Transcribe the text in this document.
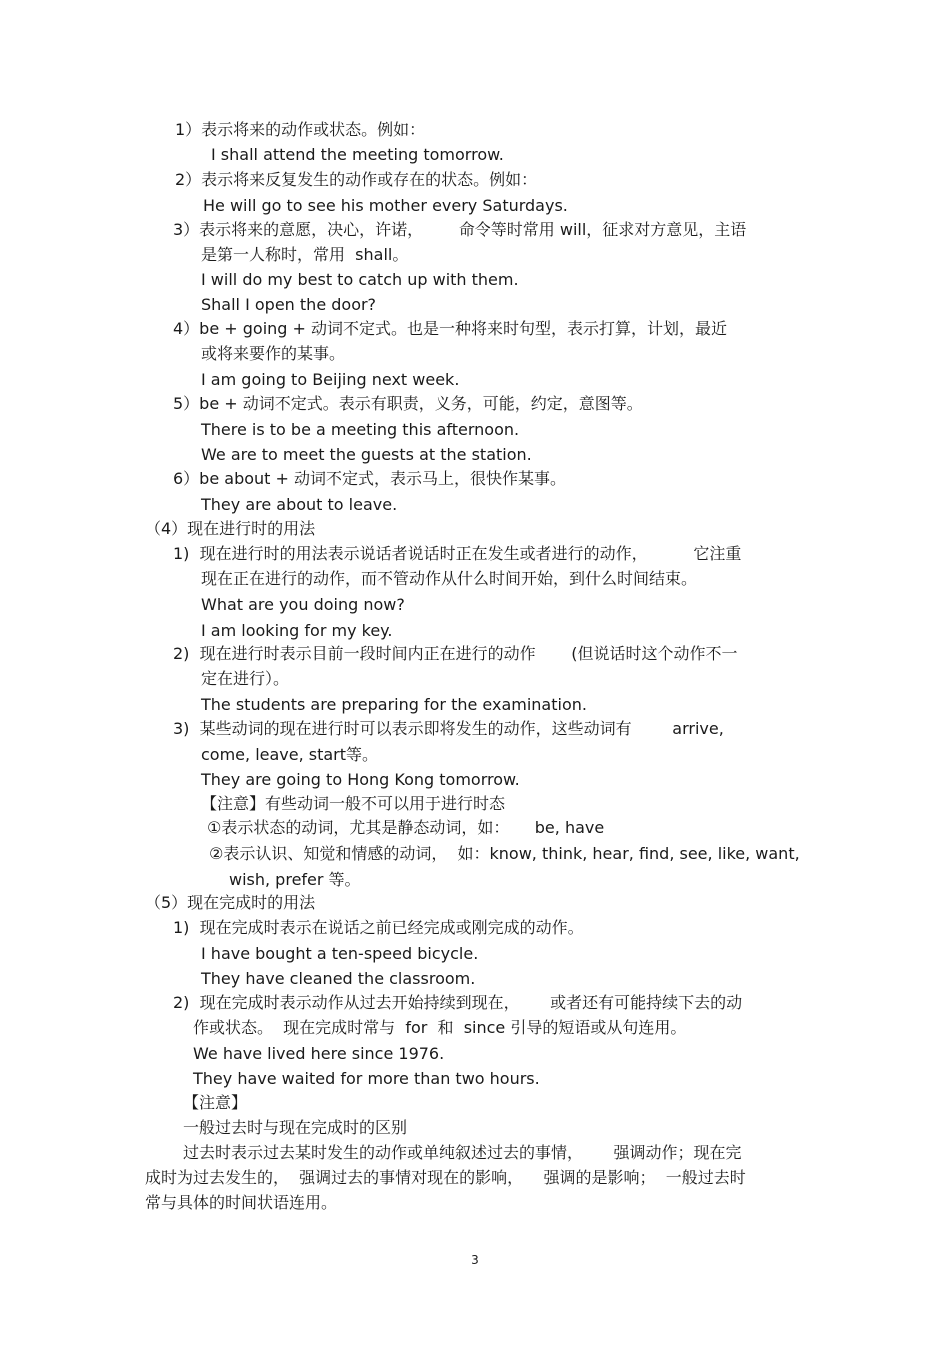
1）表示将来的动作或状态。例如：
I shall attend the meeting tomorrow.
2）表示将来反复发生的动作或存在的状态。例如：
He will go to see his mother every Saturdays.
3）表示将来的意愿，决心，许诺，       命令等时常用 will，征求对方意见，主语
是第一人称时，常用  shall。
I will do my best to catch up with them.
Shall I open the door?
4）be + going + 动词不定式。也是一种将来时句型，表示打算，计划，最近
或将来要作的某事。
I am going to Beijing next week.
5）be + 动词不定式。表示有职责，义务，可能，约定，意图等。
There is to be a meeting this afternoon.
We are to meet the guests at the station.
6）be about + 动词不定式，表示马上，很快作某事。
They are about to leave.
（4）现在进行时的用法
1)  现在进行时的用法表示说话者说话时正在发生或者进行的动作，         它注重
现在正在进行的动作，而不管动作从什么时间开始，到什么时间结束。
What are you doing now?
I am looking for my key.
2)  现在进行时表示目前一段时间内正在进行的动作       (但说话时这个动作不一
定在进行）。
The students are preparing for the examination.
3)  某些动词的现在进行时可以表示即将发生的动作，这些动词有        arrive,
come, leave, start等。
They are going to Hong Kong tomorrow.
【注意】有些动词一般不可以用于进行时态
①表示状态的动词，尤其是静态动词，如：     be, have
②表示认识、知觉和情感的动词，  如：know, think, hear, find, see, like, want,
wish, prefer 等。
（5）现在完成时的用法
1)  现在完成时表示在说话之前已经完成或刚完成的动作。
I have bought a ten-speed bicycle.
They have cleaned the classroom.
2)  现在完成时表示动作从过去开始持续到现在，      或者还有可能持续下去的动
作或状态。  现在完成时常与  for  和  since 引导的短语或从句连用。
We have lived here since 1976.
They have waited for more than two hours.
【注意】
一般过去时与现在完成时的区别
过去时表示过去某时发生的动作或单纯叙述过去的事情，      强调动作；现在完
成时为过去发生的，  强调过去的事情对现在的影响，    强调的是影响；  一般过去时
常与具体的时间状语连用。
3
